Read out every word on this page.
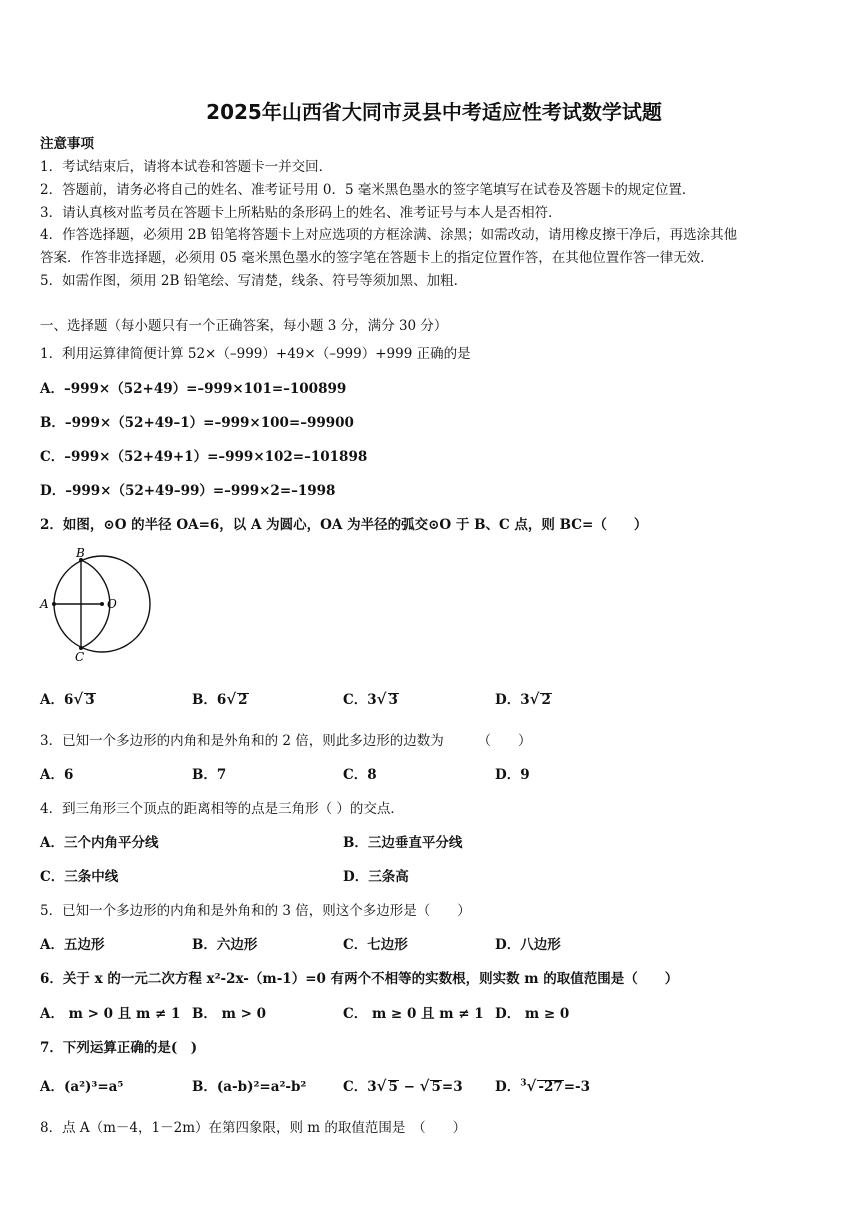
2025年山西省大同市灵县中考适应性考试数学试题
注意事项
1．考试结束后，请将本试卷和答题卡一并交回．
2．答题前，请务必将自己的姓名、准考证号用 0．5 毫米黑色墨水的签字笔填写在试卷及答题卡的规定位置．
3．请认真核对监考员在答题卡上所粘贴的条形码上的姓名、准考证号与本人是否相符．
4．作答选择题，必须用 2B 铅笔将答题卡上对应选项的方框涂满、涂黑；如需改动，请用橡皮擦干净后，再选涂其他
答案．作答非选择题，必须用 05 毫米黑色墨水的签字笔在答题卡上的指定位置作答，在其他位置作答一律无效．
5．如需作图，须用 2B 铅笔绘、写清楚，线条、符号等须加黑、加粗．
一、选择题（每小题只有一个正确答案，每小题 3 分，满分 30 分）
1．利用运算律简便计算 52×（–999）+49×（–999）+999 正确的是
A．–999×（52+49）=–999×101=–100899
B．–999×（52+49–1）=–999×100=–99900
C．–999×（52+49+1）=–999×102=–101898
D．–999×（52+49–99）=–999×2=–1998
2．如图，⊙O 的半径 OA=6，以 A 为圆心，OA 为半径的弧交⊙O 于 B、C 点，则 BC=（　　）
B
A	O
C
A．6√ 3	B．6√ 2	C．3√ 3	D．3√ 2
3．已知一个多边形的内角和是外角和的 2 倍，则此多边形的边数为　　　（　　）
A．6	B．7	C．8	D．9
4．到三角形三个顶点的距离相等的点是三角形（ ）的交点．
A．三个内角平分线	B．三边垂直平分线
C．三条中线	D．三条高
5．已知一个多边形的内角和是外角和的 3 倍，则这个多边形是（　　）
A．五边形	B．六边形	C．七边形	D．八边形
6．关于 x 的一元二次方程 x²-2x-（m-1）=0 有两个不相等的实数根，则实数 m 的取值范围是（　　）
A． m > 0 且 m ≠ 1 B． m > 0	C． m ≥ 0 且 m ≠ 1 D． m ≥ 0
7．下列运算正确的是(　)
A．(a²)³=a⁵	B．(a-b)²=a²-b²	C．3√ 5 − √ 5=3 D．$^3$√ -27=-3
8．点 A（m－4，1－2m）在第四象限，则 m 的取值范围是　（　　）
